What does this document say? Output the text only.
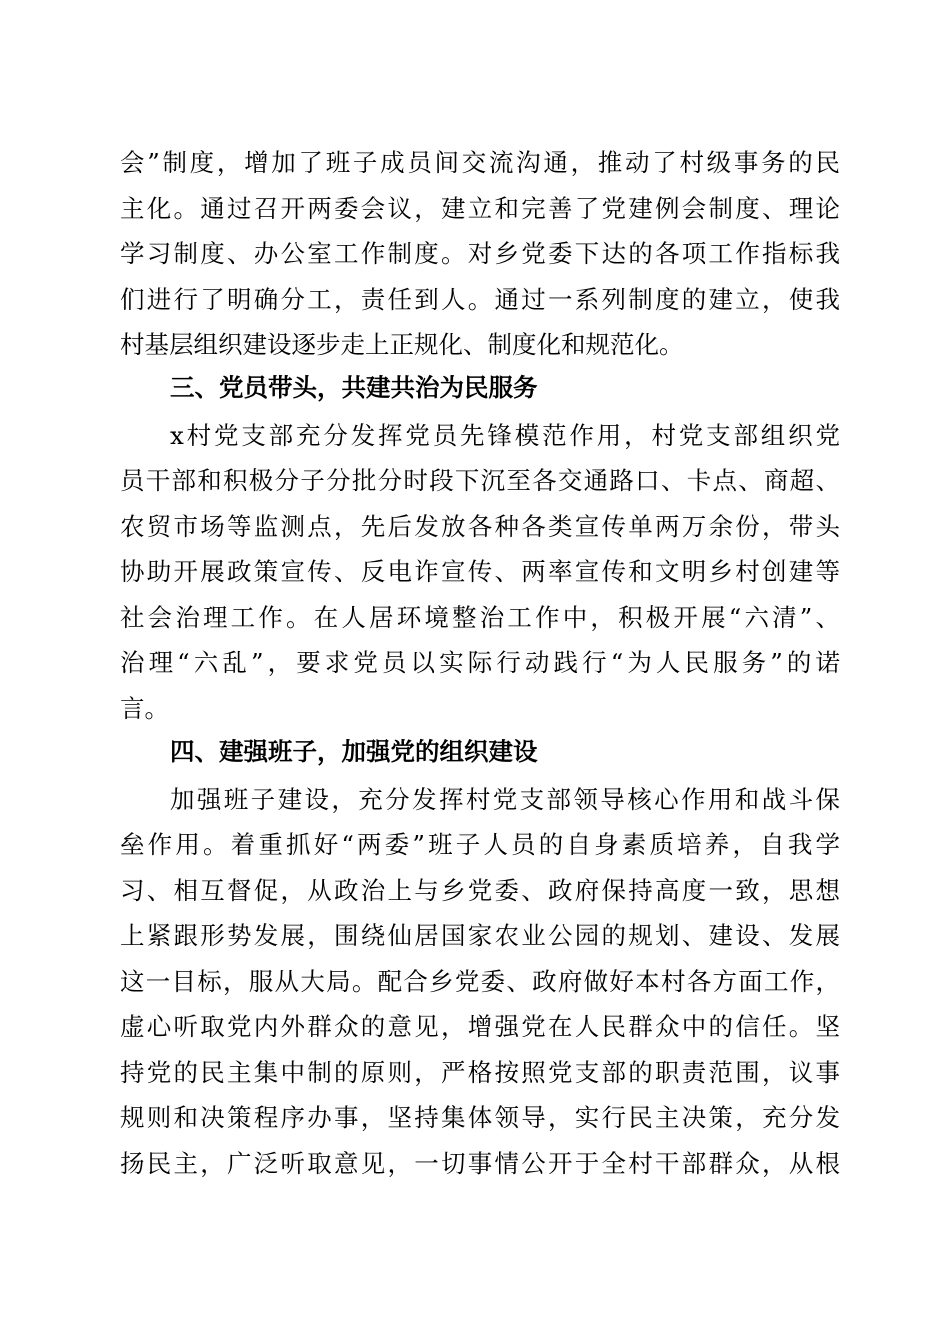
会”制度，增加了班子成员间交流沟通，推动了村级事务的民
主化。通过召开两委会议，建立和完善了党建例会制度、理论
学习制度、办公室工作制度。对乡党委下达的各项工作指标我
们进行了明确分工，责任到人。通过一系列制度的建立，使我
村基层组织建设逐步走上正规化、制度化和规范化。
三、党员带头，共建共治为民服务
x村党支部充分发挥党员先锋模范作用，村党支部组织党
员干部和积极分子分批分时段下沉至各交通路口、卡点、商超、
农贸市场等监测点，先后发放各种各类宣传单两万余份，带头
协助开展政策宣传、反电诈宣传、两率宣传和文明乡村创建等
社会治理工作。在人居环境整治工作中，积极开展“六清”、
治理“六乱”，要求党员以实际行动践行“为人民服务”的诺
言。
四、建强班子，加强党的组织建设
加强班子建设，充分发挥村党支部领导核心作用和战斗保
垒作用。着重抓好“两委”班子人员的自身素质培养，自我学
习、相互督促，从政治上与乡党委、政府保持高度一致，思想
上紧跟形势发展，围绕仙居国家农业公园的规划、建设、发展
这一目标，服从大局。配合乡党委、政府做好本村各方面工作，
虚心听取党内外群众的意见，增强党在人民群众中的信任。坚
持党的民主集中制的原则，严格按照党支部的职责范围，议事
规则和决策程序办事，坚持集体领导，实行民主决策，充分发
扬民主，广泛听取意见，一切事情公开于全村干部群众，从根
